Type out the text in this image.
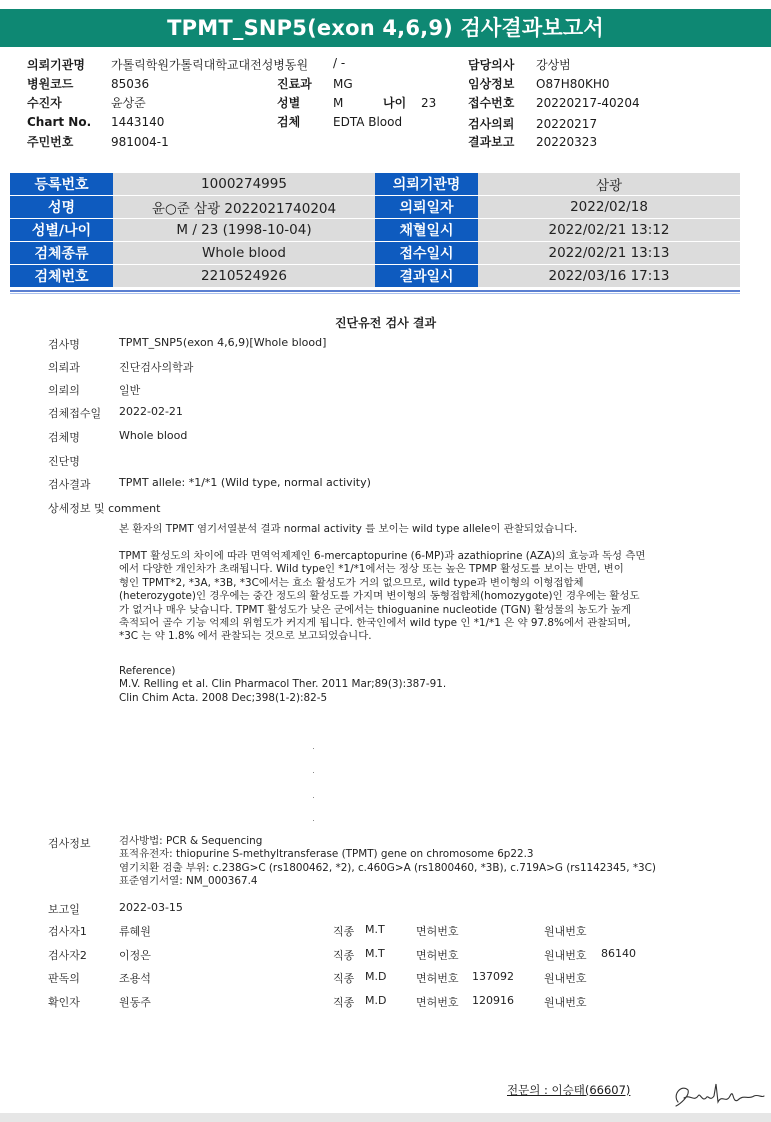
TPMT_SNP5(exon 4,6,9) 검사결과보고서
의뢰기관명 가톨릭학원가톨릭대학교대전성병동원
병원코드	85036
수진자	윤상준
Chart No. 1443140
주민번호	981004-1
/ -
진료과 MG
성별	M	나이 23
검체	EDTA Blood
담당의사 강상범
임상정보 O87H80KH0
접수번호 20220217-40204
검사의뢰 20220217
결과보고 20220323
등록번호	1000274995	의뢰기관명	삼광
성명	윤○준 삼광 2022021740204	의뢰일자	2022/02/18
성별/나이	M / 23 (1998-10-04)	채혈일시	2022/02/21 13:12
검체종류	Whole blood	접수일시	2022/02/21 13:13
검체번호	2210524926	결과일시	2022/03/16 17:13
진단유전 검사 결과
검사명	TPMT_SNP5(exon 4,6,9)[Whole blood]
의뢰과	진단검사의학과
의뢰의	일반
검체접수일 2022-02-21
검체명	Whole blood
진단명
검사결과	TPMT allele: *1/*1 (Wild type, normal activity)
상세정보 및 comment
본 환자의 TPMT 염기서열분석 결과 normal activity 를 보이는 wild type allele이 관찰되었습니다.
TPMT 활성도의 차이에 따라 면역억제제인 6-mercaptopurine (6-MP)과 azathioprine (AZA)의 효능과 독성 측면
에서 다양한 개인차가 초래됩니다. Wild type인 *1/*1에서는 정상 또는 높은 TPMP 활성도를 보이는 반면, 변이
형인 TPMT*2, *3A, *3B, *3C에서는 효소 활성도가 거의 없으므로, wild type과 변이형의 이형접합체
(heterozygote)인 경우에는 중간 정도의 활성도를 가지며 변이형의 동형접합체(homozygote)인 경우에는 활성도
가 없거나 매우 낮습니다. TPMT 활성도가 낮은 군에서는 thioguanine nucleotide (TGN) 활성물의 농도가 높게
축적되어 골수 기능 억제의 위험도가 커지게 됩니다. 한국인에서 wild type 인 *1/*1 은 약 97.8%에서 관찰되며,
*3C 는 약 1.8% 에서 관찰되는 것으로 보고되었습니다.
Reference)
M.V. Relling et al. Clin Pharmacol Ther. 2011 Mar;89(3):387-91.
Clin Chim Acta. 2008 Dec;398(1-2):82-5
검사정보	검사방법: PCR & Sequencing
표적유전자: thiopurine S-methyltransferase (TPMT) gene on chromosome 6p22.3
염기치환 검출 부위: c.238G>C (rs1800462, *2), c.460G>A (rs1800460, *3B), c.719A>G (rs1142345, *3C)
표준염기서열: NM_000367.4
보고일	2022-03-15
검사자1	류혜원	직종 M.T	면허번호	원내번호
검사자2	이정은	직종 M.T	면허번호	원내번호 86140
판독의	조용석	직종 M.D	면허번호 137092	원내번호
확인자	원동주	직종 M.D	면허번호 120916	원내번호
전문의 : 이승태(66607)
